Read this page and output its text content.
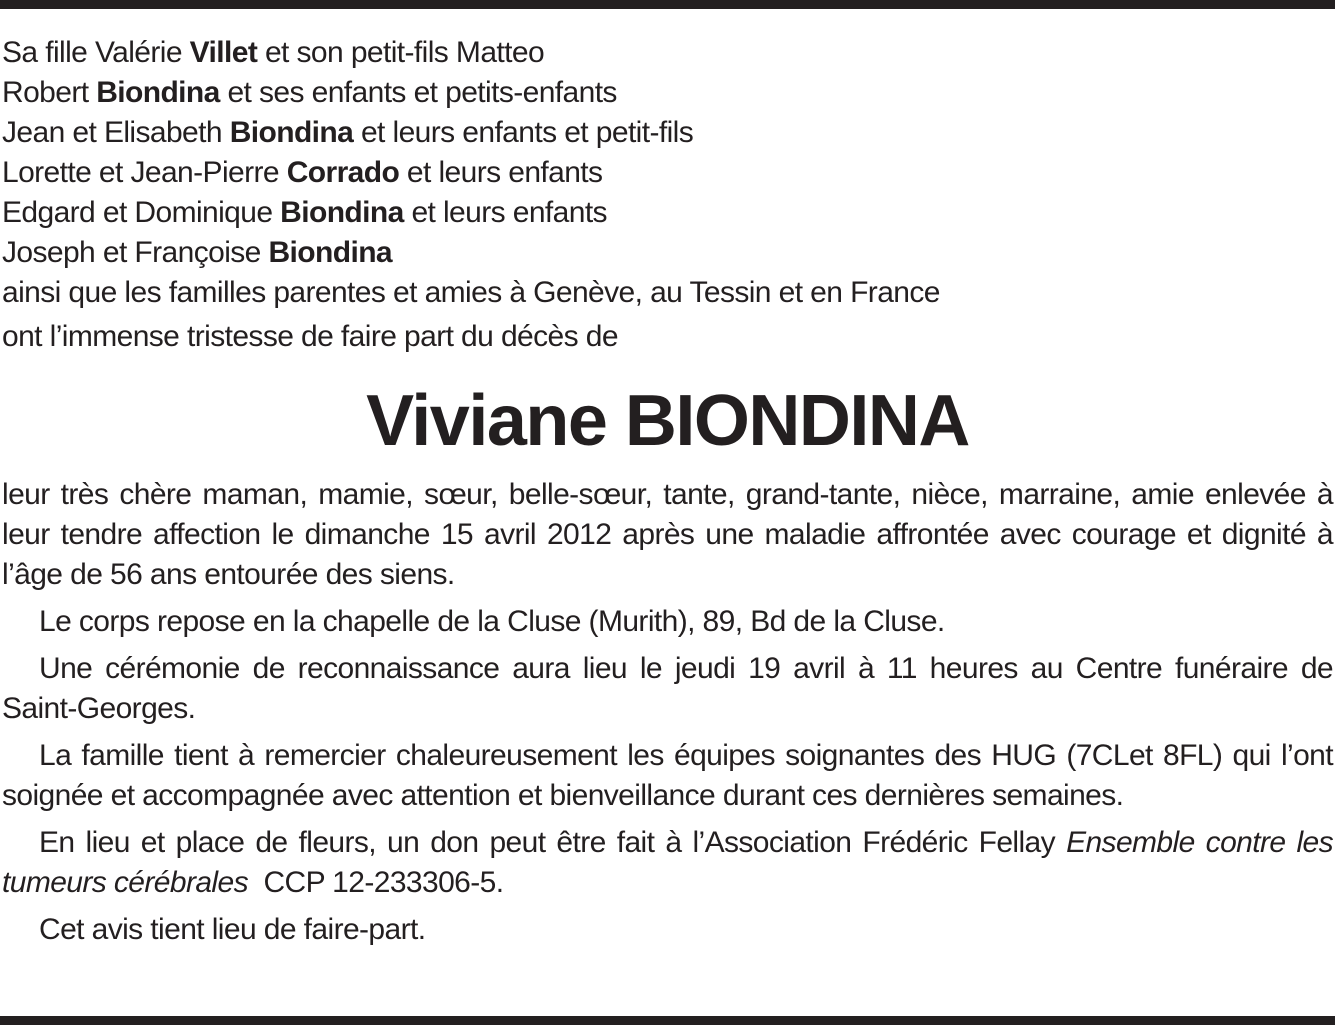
Sa fille Valérie Villet et son petit-fils Matteo
Robert Biondina et ses enfants et petits-enfants
Jean et Elisabeth Biondina et leurs enfants et petit-fils
Lorette et Jean-Pierre Corrado et leurs enfants
Edgard et Dominique Biondina et leurs enfants
Joseph et Françoise Biondina
ainsi que les familles parentes et amies à Genève, au Tessin et en France
ont l’immense tristesse de faire part du décès de
Viviane BIONDINA

leur très chère maman, mamie, sœur, belle-sœur, tante, grand-tante, nièce, marraine, amie enlevée à leur tendre affection le dimanche 15 avril 2012 après une maladie affrontée avec courage et dignité à l’âge de 56 ans entourée des siens.

Le corps repose en la chapelle de la Cluse (Murith), 89, Bd de la Cluse.

Une cérémonie de reconnaissance aura lieu le jeudi 19 avril à 11 heures au Centre funéraire de Saint-Georges.

La famille tient à remercier chaleureusement les équipes soignantes des HUG (7CLet 8FL) qui l’ont soignée et accompagnée avec attention et bienveillance durant ces dernières semaines.

En lieu et place de fleurs, un don peut être fait à l’Association Frédéric Fellay Ensemble contre les tumeurs cérébrales  CCP 12-233306-5.

Cet avis tient lieu de faire-part.
